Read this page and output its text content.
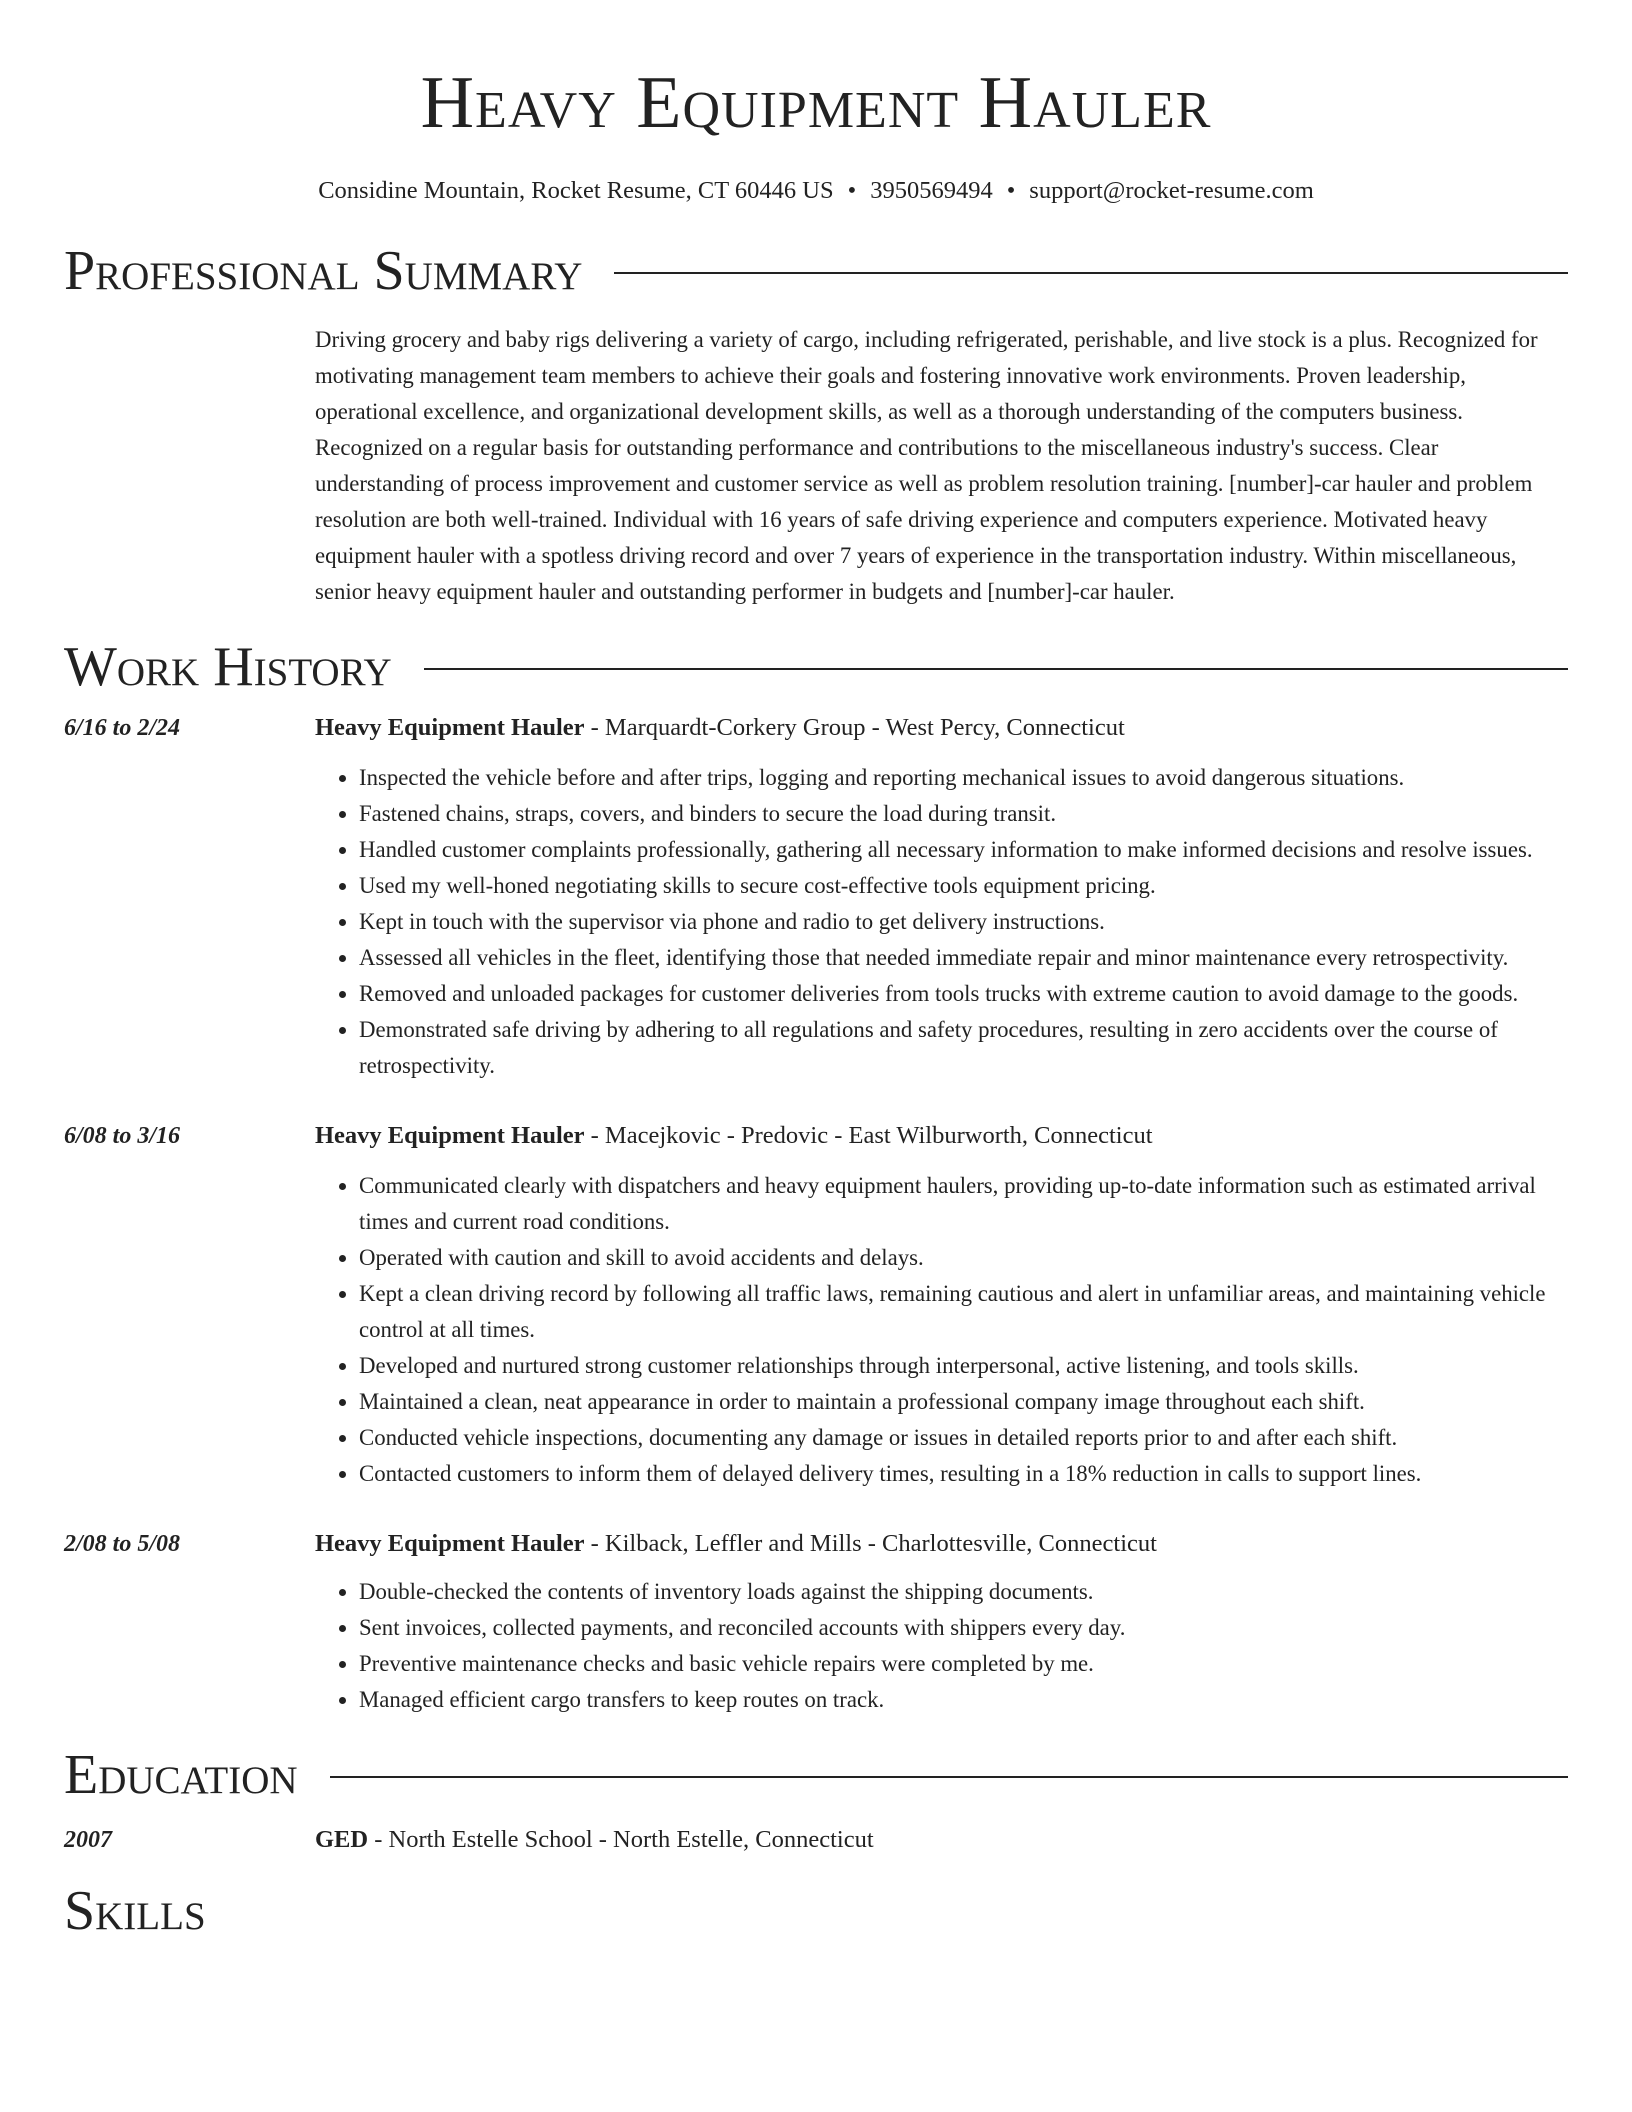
Heavy Equipment Hauler
Considine Mountain, Rocket Resume, CT 60446 US • 3950569494 • support@rocket-resume.com
Professional Summary
Driving grocery and baby rigs delivering a variety of cargo, including refrigerated, perishable, and live stock is a plus. Recognized for motivating management team members to achieve their goals and fostering innovative work environments. Proven leadership, operational excellence, and organizational development skills, as well as a thorough understanding of the computers business. Recognized on a regular basis for outstanding performance and contributions to the miscellaneous industry's success. Clear understanding of process improvement and customer service as well as problem resolution training. [number]-car hauler and problem resolution are both well-trained. Individual with 16 years of safe driving experience and computers experience. Motivated heavy equipment hauler with a spotless driving record and over 7 years of experience in the transportation industry. Within miscellaneous, senior heavy equipment hauler and outstanding performer in budgets and [number]-car hauler.
Work History
6/16 to 2/24	Heavy Equipment Hauler - Marquardt-Corkery Group - West Percy, Connecticut
• Inspected the vehicle before and after trips, logging and reporting mechanical issues to avoid dangerous situations.
• Fastened chains, straps, covers, and binders to secure the load during transit.
• Handled customer complaints professionally, gathering all necessary information to make informed decisions and resolve issues.
• Used my well-honed negotiating skills to secure cost-effective tools equipment pricing.
• Kept in touch with the supervisor via phone and radio to get delivery instructions.
• Assessed all vehicles in the fleet, identifying those that needed immediate repair and minor maintenance every retrospectivity.
• Removed and unloaded packages for customer deliveries from tools trucks with extreme caution to avoid damage to the goods.
• Demonstrated safe driving by adhering to all regulations and safety procedures, resulting in zero accidents over the course of retrospectivity.
6/08 to 3/16	Heavy Equipment Hauler - Macejkovic - Predovic - East Wilburworth, Connecticut
• Communicated clearly with dispatchers and heavy equipment haulers, providing up-to-date information such as estimated arrival times and current road conditions.
• Operated with caution and skill to avoid accidents and delays.
• Kept a clean driving record by following all traffic laws, remaining cautious and alert in unfamiliar areas, and maintaining vehicle control at all times.
• Developed and nurtured strong customer relationships through interpersonal, active listening, and tools skills.
• Maintained a clean, neat appearance in order to maintain a professional company image throughout each shift.
• Conducted vehicle inspections, documenting any damage or issues in detailed reports prior to and after each shift.
• Contacted customers to inform them of delayed delivery times, resulting in a 18% reduction in calls to support lines.
2/08 to 5/08	Heavy Equipment Hauler - Kilback, Leffler and Mills - Charlottesville, Connecticut
• Double-checked the contents of inventory loads against the shipping documents.
• Sent invoices, collected payments, and reconciled accounts with shippers every day.
• Preventive maintenance checks and basic vehicle repairs were completed by me.
• Managed efficient cargo transfers to keep routes on track.
Education
2007	GED - North Estelle School - North Estelle, Connecticut
Skills
